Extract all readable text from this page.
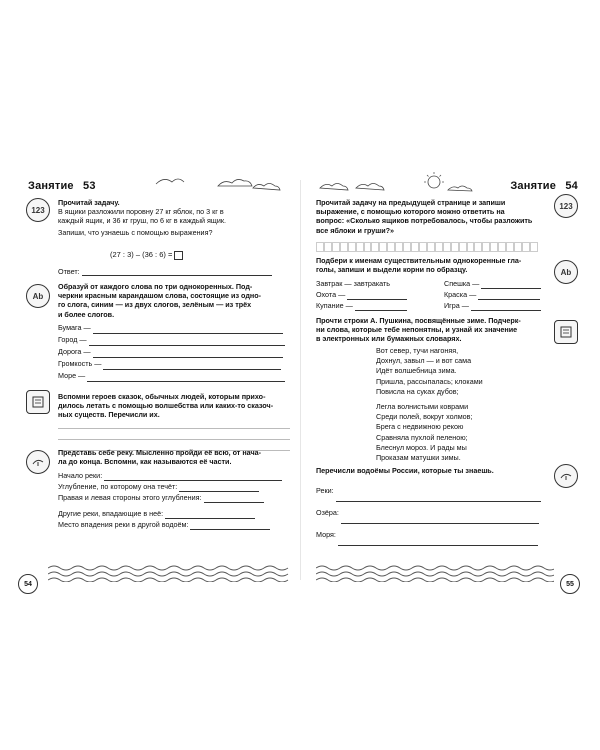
Занятие 53
123
Прочитай задачу.
В ящики разложили поровну 27 кг яблок, по 3 кг в
каждый ящик, и 36 кг груш, по 6 кг в каждый ящик.
Запиши, что узнаешь с помощью выражения?
(27 : 3) – (36 : 6) =
Ответ:
Ab
Образуй от каждого слова по три однокоренных. Под-
черкни красным карандашом слова, состоящие из одно-
го слога, синим — из двух слогов, зелёным — из трёх
и более слогов.
Бумага —
Город —
Дорога —
Громкость —
Море —
Вспомни героев сказок, обычных людей, которым прихо-
дилось летать с помощью волшебства или каких-то сказоч-
ных существ. Перечисли их.
Представь себе реку. Мысленно пройди её всю, от нача-
ла до конца. Вспомни, как называются её части.
Начало реки:
Углубление, по которому она течёт:
Правая и левая стороны этого углубления:
Другие реки, впадающие в неё:
Место впадения реки в другой водоём:
54
Занятие 54
Прочитай задачу на предыдущей странице и запиши
выражение, с помощью которого можно ответить на
вопрос: «Сколько ящиков потребовалось, чтобы разложить
все яблоки и груши?»
123
Подбери к именам существительным однокоренные гла-
голы, запиши и выдели корни по образцу.	Ab
Завтрак — завтракать
Охота —
Купание —
Спешка —
Краска —
Игра —
Прочти строки А. Пушкина, посвящённые зиме. Подчерк-
ни слова, которые тебе непонятны, и узнай их значение
в электронных или бумажных словарях.
Вот север, тучи нагоняя,
Дохнул, завыл — и вот сама
Идёт волшебница зима.
Пришла, рассыпалась; клоками
Повисла на суках дубов;
Легла волнистыми коврами
Среди полей, вокруг холмов;
Брега с недвижною рекою
Сравняла пухлой пеленою;
Блеснул мороз. И рады мы
Проказам матушки зимы.
Перечисли водоёмы России, которые ты знаешь.
Реки:
Озёра:
Моря:
55
